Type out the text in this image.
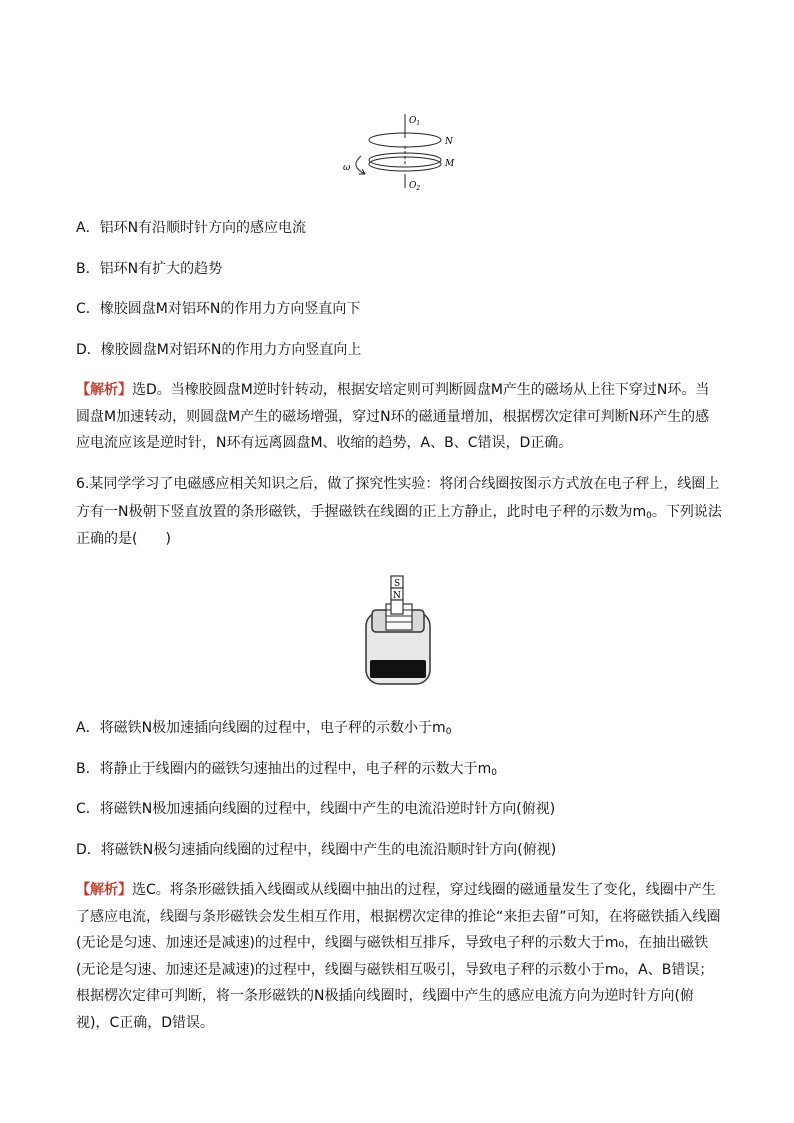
$O_1$
$O_2$
N
M
ω
A．铝环N有沿顺时针方向的感应电流
B．铝环N有扩大的趋势
C．橡胶圆盘M对铝环N的作用力方向竖直向下
D．橡胶圆盘M对铝环N的作用力方向竖直向上
【解析】选D。当橡胶圆盘M逆时针转动，根据安培定则可判断圆盘M产生的磁场从上往下穿过N环。当圆盘M加速转动，则圆盘M产生的磁场增强，穿过N环的磁通量增加，根据楞次定律可判断N环产生的感应电流应该是逆时针，N环有远离圆盘M、收缩的趋势，A、B、C错误，D正确。
6.某同学学习了电磁感应相关知识之后，做了探究性实验：将闭合线圈按图示方式放在电子秤上，线圈上
方有一N极朝下竖直放置的条形磁铁，手握磁铁在线圈的正上方静止，此时电子秤的示数为$m_0$。下列说法
正确的是(　　)
S
N
A．将磁铁N极加速插向线圈的过程中，电子秤的示数小于$m_0$
B．将静止于线圈内的磁铁匀速抽出的过程中，电子秤的示数大于$m_0$
C．将磁铁N极加速插向线圈的过程中，线圈中产生的电流沿逆时针方向(俯视)
D．将磁铁N极匀速插向线圈的过程中，线圈中产生的电流沿顺时针方向(俯视)
【解析】选C。将条形磁铁插入线圈或从线圈中抽出的过程，穿过线圈的磁通量发生了变化，线圈中产生了感应电流，线圈与条形磁铁会发生相互作用，根据楞次定律的推论“来拒去留”可知，在将磁铁插入线圈(无论是匀速、加速还是减速)的过程中，线圈与磁铁相互排斥，导致电子秤的示数大于m₀，在抽出磁铁(无论是匀速、加速还是减速)的过程中，线圈与磁铁相互吸引，导致电子秤的示数小于m₀，A、B错误；根据楞次定律可判断，将一条形磁铁的N极插向线圈时，线圈中产生的感应电流方向为逆时针方向(俯视)，C正确，D错误。
